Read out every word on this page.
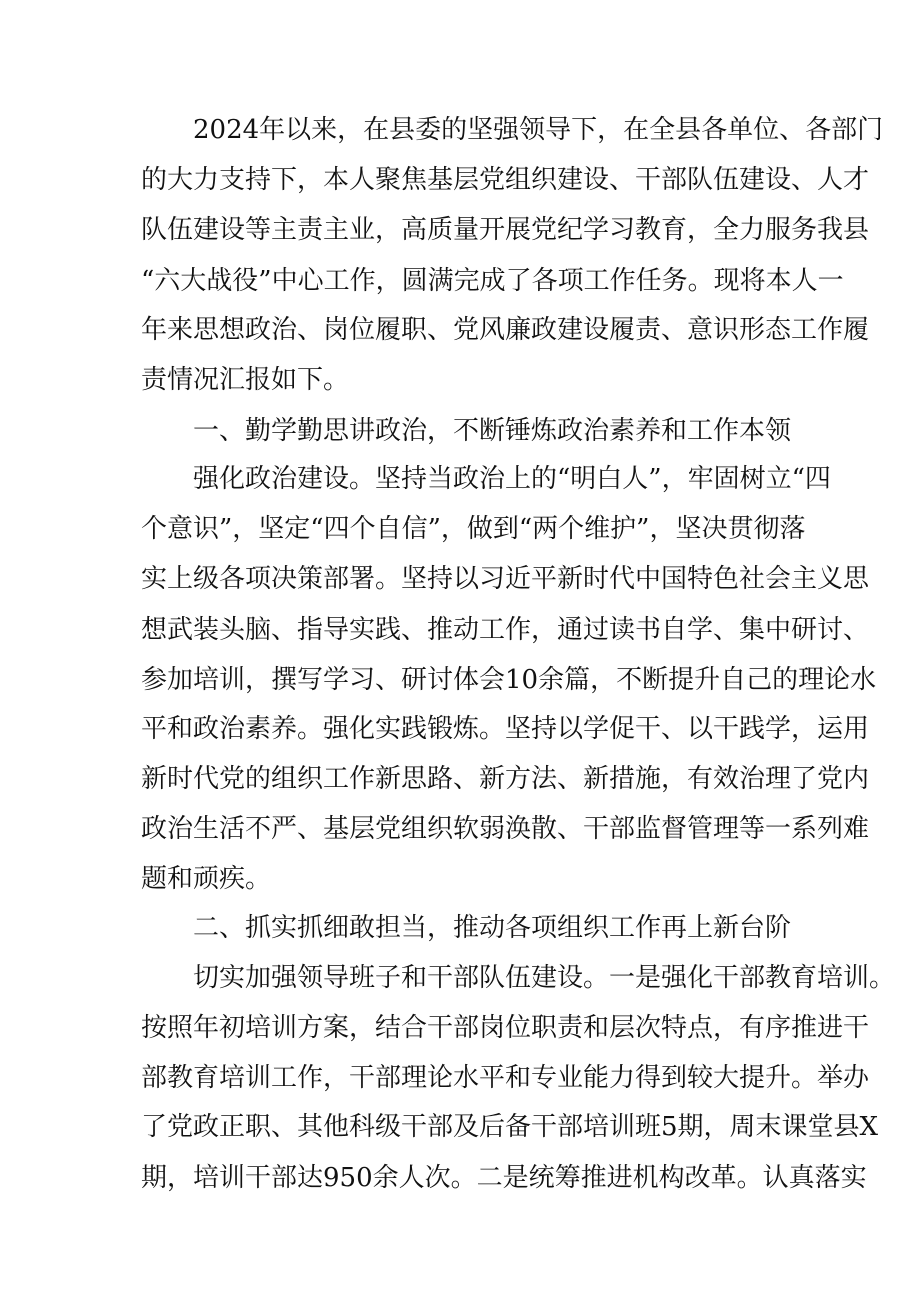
2024年以来，在县委的坚强领导下，在全县各单位、各部门
的大力支持下，本人聚焦基层党组织建设、干部队伍建设、人才
队伍建设等主责主业，高质量开展党纪学习教育，全力服务我县
“六大战役”中心工作，圆满完成了各项工作任务。现将本人一
年来思想政治、岗位履职、党风廉政建设履责、意识形态工作履
责情况汇报如下。
一、勤学勤思讲政治，不断锤炼政治素养和工作本领
强化政治建设。坚持当政治上的“明白人”，牢固树立“四
个意识”，坚定“四个自信”，做到“两个维护”，坚决贯彻落
实上级各项决策部署。坚持以习近平新时代中国特色社会主义思
想武装头脑、指导实践、推动工作，通过读书自学、集中研讨、
参加培训，撰写学习、研讨体会10余篇，不断提升自己的理论水
平和政治素养。强化实践锻炼。坚持以学促干、以干践学，运用
新时代党的组织工作新思路、新方法、新措施，有效治理了党内
政治生活不严、基层党组织软弱涣散、干部监督管理等一系列难
题和顽疾。
二、抓实抓细敢担当，推动各项组织工作再上新台阶
切实加强领导班子和干部队伍建设。一是强化干部教育培训。
按照年初培训方案，结合干部岗位职责和层次特点，有序推进干
部教育培训工作，干部理论水平和专业能力得到较大提升。举办
了党政正职、其他科级干部及后备干部培训班5期，周末课堂县X
期，培训干部达950余人次。二是统筹推进机构改革。认真落实
